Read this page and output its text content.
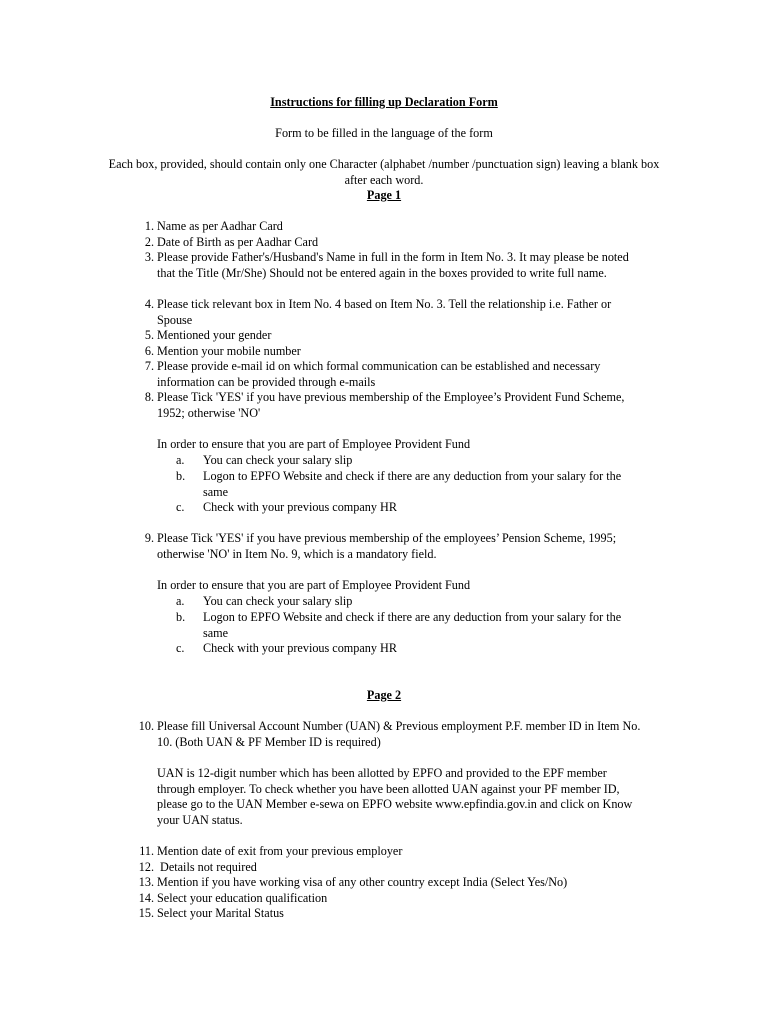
Instructions for filling up Declaration Form
Form to be filled in the language of the form
Each box, provided, should contain only one Character (alphabet /number /punctuation sign) leaving a blank box after each word.
Page 1
1. Name as per Aadhar Card
2. Date of Birth as per Aadhar Card
3. Please provide Father's/Husband's Name in full in the form in Item No. 3. It may please be noted that the Title (Mr/She) Should not be entered again in the boxes provided to write full name.
4. Please tick relevant box in Item No. 4 based on Item No. 3. Tell the relationship i.e. Father or Spouse
5. Mentioned your gender
6. Mention your mobile number
7. Please provide e-mail id on which formal communication can be established and necessary information can be provided through e-mails
8. Please Tick 'YES' if you have previous membership of the Employee’s Provident Fund Scheme, 1952; otherwise 'NO'
In order to ensure that you are part of Employee Provident Fund
a.	You can check your salary slip
b.	Logon to EPFO Website and check if there are any deduction from your salary for the same
c.	Check with your previous company HR
9. Please Tick 'YES' if you have previous membership of the employees’ Pension Scheme, 1995; otherwise 'NO' in Item No. 9, which is a mandatory field.
In order to ensure that you are part of Employee Provident Fund
a.	You can check your salary slip
b.	Logon to EPFO Website and check if there are any deduction from your salary for the same
c.	Check with your previous company HR
Page 2
10. Please fill Universal Account Number (UAN) & Previous employment P.F. member ID in Item No. 10. (Both UAN & PF Member ID is required)
UAN is 12-digit number which has been allotted by EPFO and provided to the EPF member through employer. To check whether you have been allotted UAN against your PF member ID, please go to the UAN Member e-sewa on EPFO website www.epfindia.gov.in and click on Know your UAN status.
11. Mention date of exit from your previous employer
12. Details not required
13. Mention if you have working visa of any other country except India (Select Yes/No)
14. Select your education qualification
15. Select your Marital Status
